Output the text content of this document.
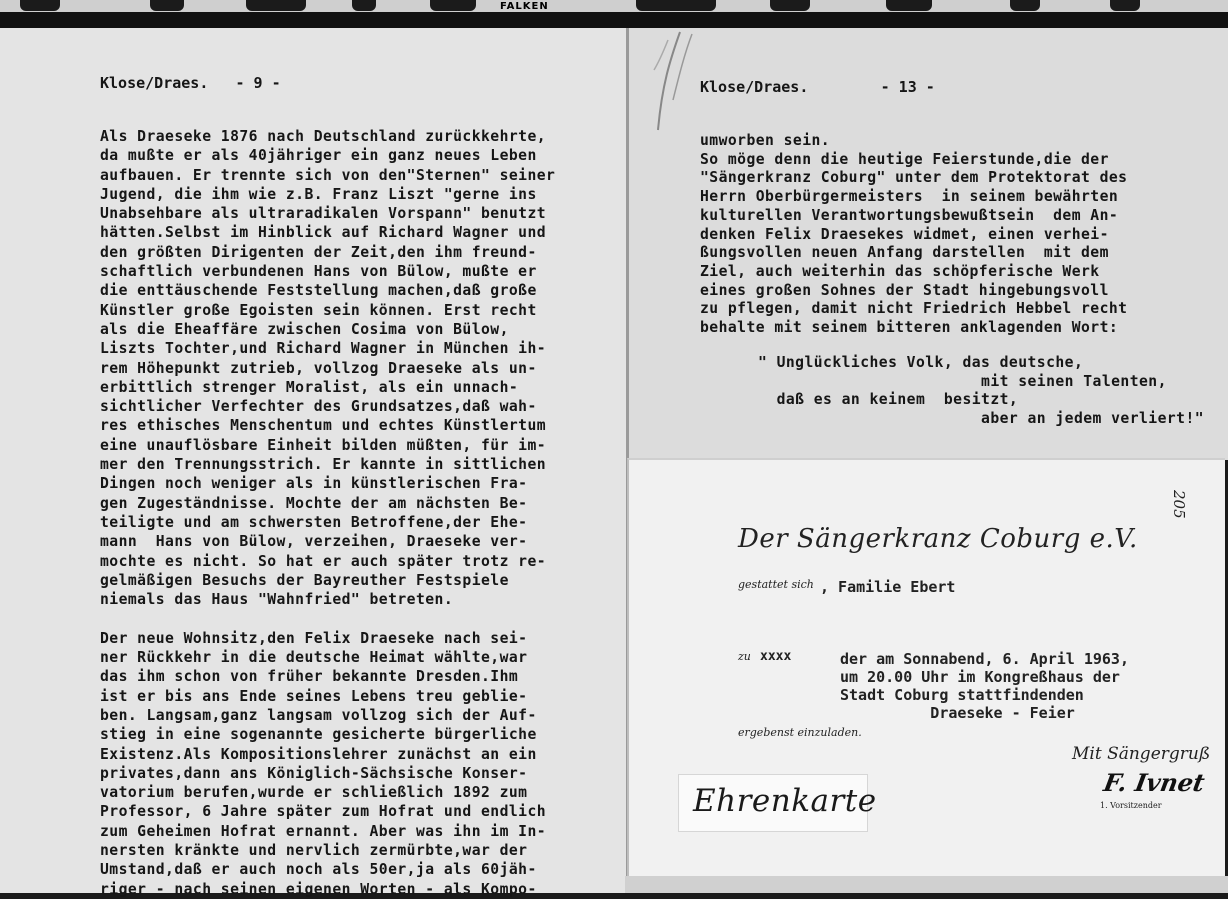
FALKEN
Klose/Draes.   - 9 -
Als Draeseke 1876 nach Deutschland zurückkehrte,
da mußte er als 40jähriger ein ganz neues Leben
aufbauen. Er trennte sich von den"Sternen" seiner
Jugend, die ihm wie z.B. Franz Liszt "gerne ins
Unabsehbare als ultraradikalen Vorspann" benutzt
hätten.Selbst im Hinblick auf Richard Wagner und
den größten Dirigenten der Zeit,den ihm freund-
schaftlich verbundenen Hans von Bülow, mußte er
die enttäuschende Feststellung machen,daß große
Künstler große Egoisten sein können. Erst recht
als die Eheaffäre zwischen Cosima von Bülow,
Liszts Tochter,und Richard Wagner in München ih-
rem Höhepunkt zutrieb, vollzog Draeseke als un-
erbittlich strenger Moralist, als ein unnach-
sichtlicher Verfechter des Grundsatzes,daß wah-
res ethisches Menschentum und echtes Künstlertum
eine unauflösbare Einheit bilden müßten, für im-
mer den Trennungsstrich. Er kannte in sittlichen
Dingen noch weniger als in künstlerischen Fra-
gen Zugeständnisse. Mochte der am nächsten Be-
teiligte und am schwersten Betroffene,der Ehe-
mann  Hans von Bülow, verzeihen, Draeseke ver-
mochte es nicht. So hat er auch später trotz re-
gelmäßigen Besuchs der Bayreuther Festspiele
niemals das Haus "Wahnfried" betreten.

Der neue Wohnsitz,den Felix Draeseke nach sei-
ner Rückkehr in die deutsche Heimat wählte,war
das ihm schon von früher bekannte Dresden.Ihm
ist er bis ans Ende seines Lebens treu geblie-
ben. Langsam,ganz langsam vollzog sich der Auf-
stieg in eine sogenannte gesicherte bürgerliche
Existenz.Als Kompositionslehrer zunächst an ein
privates,dann ans Königlich-Sächsische Konser-
vatorium berufen,wurde er schließlich 1892 zum
Professor, 6 Jahre später zum Hofrat und endlich
zum Geheimen Hofrat ernannt. Aber was ihn im In-
nersten kränkte und nervlich zermürbte,war der
Umstand,daß er auch noch als 50er,ja als 60jäh-
riger - nach seinen eigenen Worten - als Kompo-
Klose/Draes.        - 13 -
umworben sein.
So möge denn die heutige Feierstunde,die der
"Sängerkranz Coburg" unter dem Protektorat des
Herrn Oberbürgermeisters  in seinem bewährten
kulturellen Verantwortungsbewußtsein  dem An-
denken Felix Draesekes widmet, einen verhei-
ßungsvollen neuen Anfang darstellen  mit dem
Ziel, auch weiterhin das schöpferische Werk
eines großen Sohnes der Stadt hingebungsvoll
zu pflegen, damit nicht Friedrich Hebbel recht
behalte mit seinem bitteren anklagenden Wort:
" Unglückliches Volk, das deutsche,
mit seinen Talenten,
daß es an keinem  besitzt,
aber an jedem verliert!"
Der Sängerkranz Coburg e.V.
gestattet sich , Familie Ebert
zu xxxx	der am Sonnabend, 6. April 1963,
um 20.00 Uhr im Kongreßhaus der
Stadt Coburg stattfindenden
Draeseke - Feier
ergebenst einzuladen.
Mit Sängergruß
F. Ivnet
1. Vorsitzender
205
Ehrenkarte
